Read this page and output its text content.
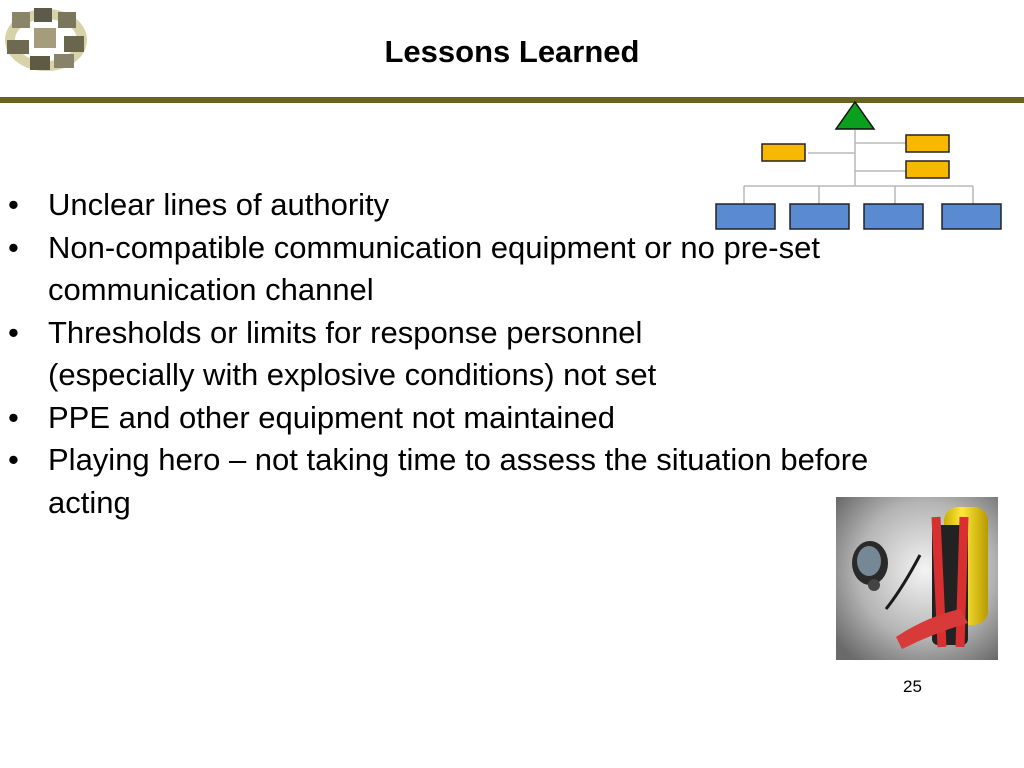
Lessons Learned
• Unclear lines of authority
• Non-compatible communication equipment or no pre-set communication channel
• Thresholds or limits for response personnel (especially with explosive conditions) not set
• PPE and other equipment not maintained
• Playing hero – not taking time to assess the situation before acting
25
